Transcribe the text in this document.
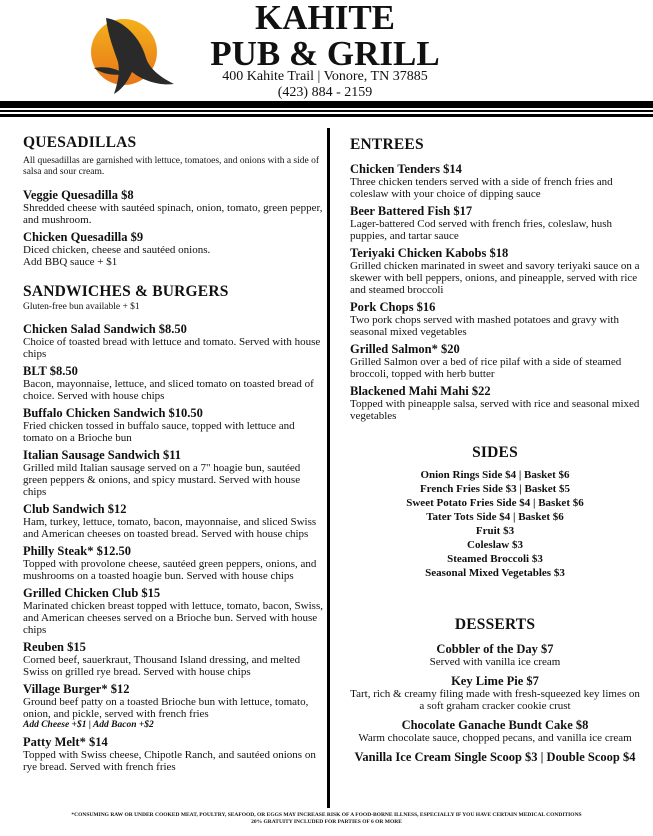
KAHITE
PUB & GRILL
400 Kahite Trail | Vonore, TN 37885
(423) 884 - 2159

QUESADILLAS

All quesadillas are garnished with lettuce, tomatoes, and onions with a side of salsa and sour cream.

Veggie Quesadilla $8

Shredded cheese with sautéed spinach, onion, tomato, green pepper, and mushroom.

Chicken Quesadilla $9

Diced chicken, cheese and sautéed onions.

Add BBQ sauce + $1

SANDWICHES & BURGERS

Gluten-free bun available + $1

Chicken Salad Sandwich $8.50

Choice of toasted bread with lettuce and tomato. Served with house chips

BLT $8.50

Bacon, mayonnaise, lettuce, and sliced tomato on toasted bread of choice. Served with house chips

Buffalo Chicken Sandwich $10.50

Fried chicken tossed in buffalo sauce, topped with lettuce and tomato on a Brioche bun

Italian Sausage Sandwich $11

Grilled mild Italian sausage served on a 7" hoagie bun, sautéed green peppers & onions, and spicy mustard. Served with house chips

Club Sandwich $12

Ham, turkey, lettuce, tomato, bacon, mayonnaise, and sliced Swiss and American cheeses on toasted bread. Served with house chips

Philly Steak* $12.50

Topped with provolone cheese, sautéed green peppers, onions, and mushrooms on a toasted hoagie bun. Served with house chips

Grilled Chicken Club $15

Marinated chicken breast topped with lettuce, tomato, bacon, Swiss, and American cheeses served on a Brioche bun. Served with house chips

Reuben $15

Corned beef, sauerkraut, Thousand Island dressing, and melted Swiss on grilled rye bread. Served with house chips

Village Burger* $12

Ground beef patty on a toasted Brioche bun with lettuce, tomato, onion, and pickle, served with french fries

Add Cheese +$1 | Add Bacon +$2

Patty Melt* $14

Topped with Swiss cheese, Chipotle Ranch, and sautéed onions on rye bread. Served with french fries

ENTREES

Chicken Tenders $14

Three chicken tenders served with a side of french fries and coleslaw with your choice of dipping sauce

Beer Battered Fish $17

Lager-battered Cod served with french fries, coleslaw, hush puppies, and tartar sauce

Teriyaki Chicken Kabobs $18

Grilled chicken marinated in sweet and savory teriyaki sauce on a skewer with bell peppers, onions, and pineapple, served with rice and steamed broccoli

Pork Chops $16

Two pork chops served with mashed potatoes and gravy with seasonal mixed vegetables

Grilled Salmon* $20

Grilled Salmon over a bed of rice pilaf with a side of steamed broccoli, topped with herb butter

Blackened Mahi Mahi $22

Topped with pineapple salsa, served with rice and seasonal mixed vegetables

SIDES

Onion Rings Side $4 | Basket $6

French Fries Side $3 | Basket $5

Sweet Potato Fries Side $4 | Basket $6

Tater Tots Side $4 | Basket $6

Fruit $3

Coleslaw $3

Steamed Broccoli $3

Seasonal Mixed Vegetables $3

DESSERTS

Cobbler of the Day $7

Served with vanilla ice cream

Key Lime Pie $7

Tart, rich & creamy filing made with fresh-squeezed key limes on a soft graham cracker cookie crust

Chocolate Ganache Bundt Cake $8

Warm chocolate sauce, chopped pecans, and vanilla ice cream

Vanilla Ice Cream Single Scoop $3 | Double Scoop $4

*CONSUMING RAW OR UNDER COOKED MEAT, POULTRY, SEAFOOD, OR EGGS MAY INCREASE RISK OF A FOOD-BORNE ILLNESS, ESPECIALLY IF YOU HAVE CERTAIN MEDICAL CONDITIONS
20% GRATUITY INCLUDED FOR PARTIES OF 6 OR MORE
